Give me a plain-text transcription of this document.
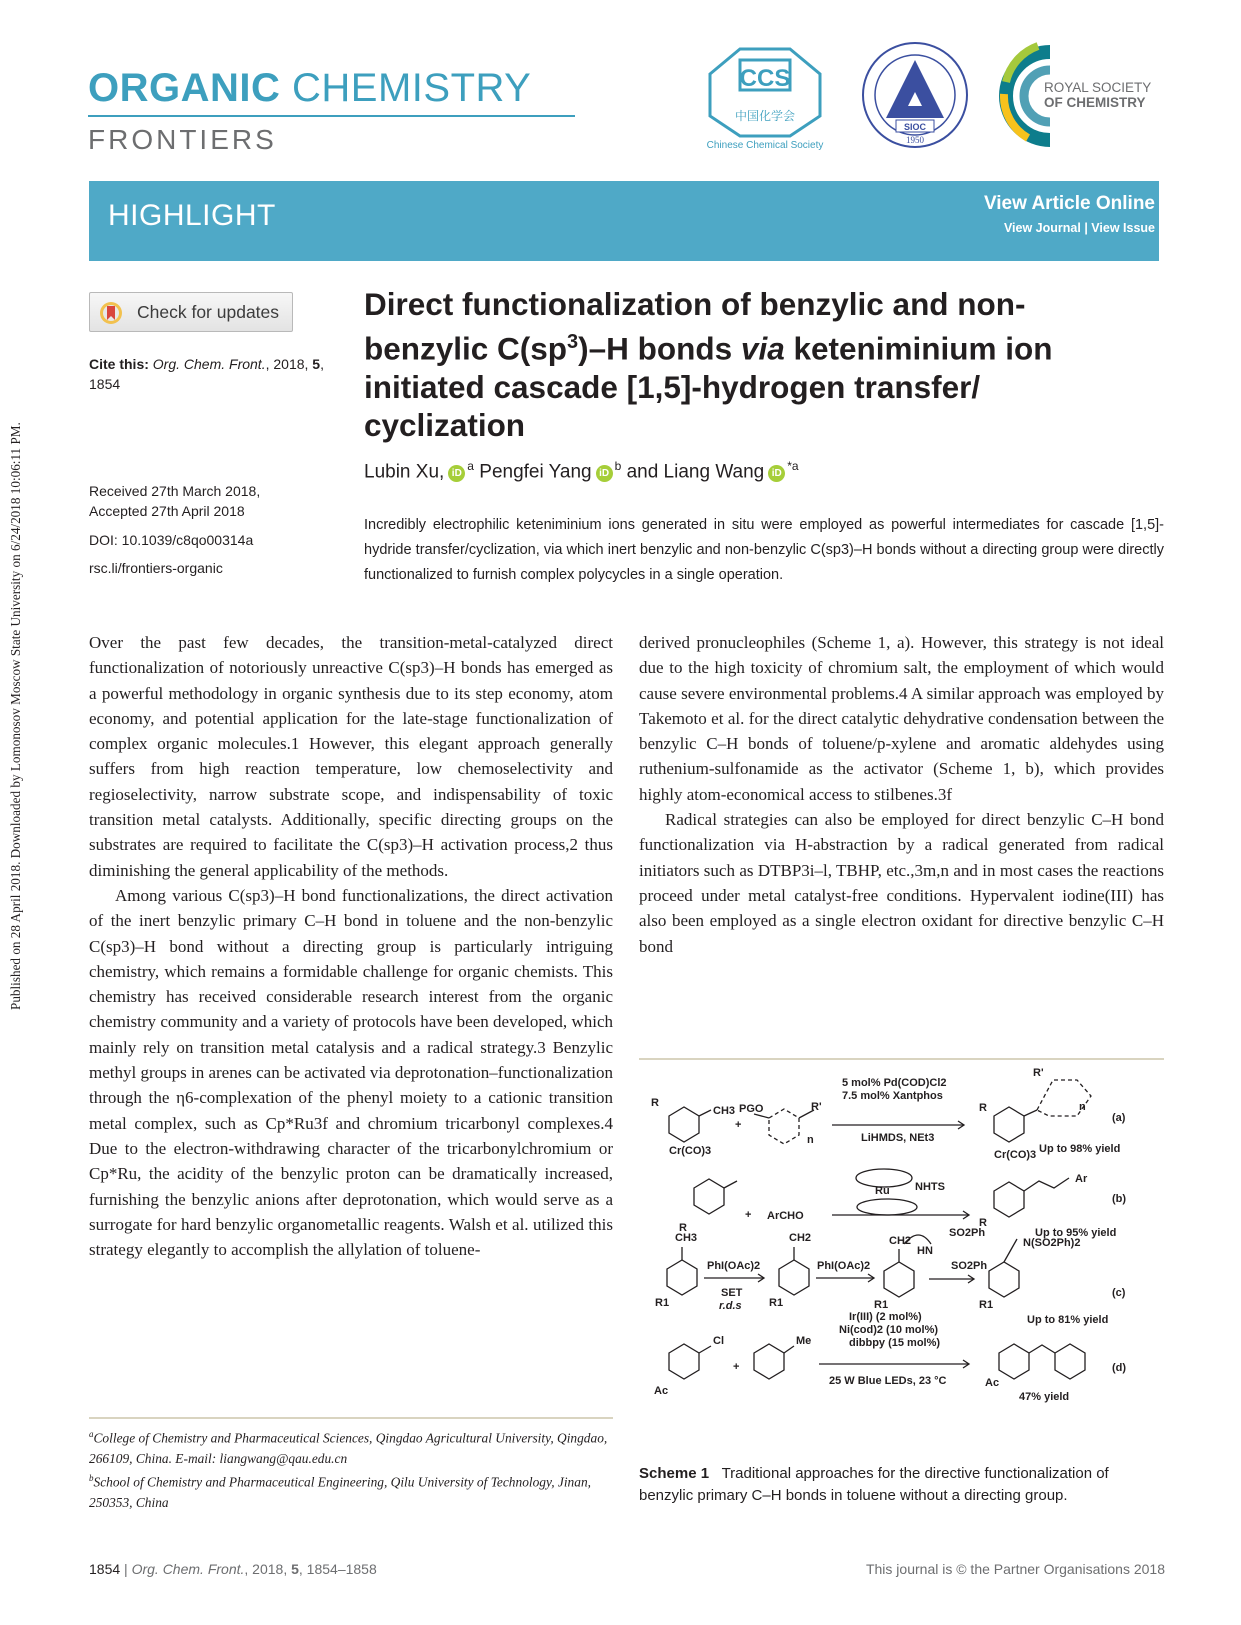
Published on 28 April 2018. Downloaded by Lomonosov Moscow State University on 6/24/2018 10:06:11 PM.
ORGANIC CHEMISTRY
FRONTIERS
CCS
中国化学会
Chinese Chemical Society
SIOC
1950
ROYAL SOCIETY
OF CHEMISTRY
HIGHLIGHT	View Article Online
View Journal | View Issue
Check for updates
Cite this: Org. Chem. Front., 2018, 5,
1854
Received 27th March 2018,
Accepted 27th April 2018
DOI: 10.1039/c8qo00314a
rsc.li/frontiers-organic
Direct functionalization of benzylic and non-
benzylic $C(sp^3)-H$ bonds via keteniminium ion
initiated cascade [1,5]-hydrogen transfer/
cyclization
Lubin Xu, $iD^a$ Pengfei Yang $iD^b$ and Liang Wang $iD^{*a}$
Incredibly electrophilic keteniminium ions generated in situ were employed as powerful intermediates for cascade [1,5]-hydride transfer/cyclization, via which inert benzylic and non-benzylic C(sp3)–H bonds without a directing group were directly functionalized to furnish complex polycycles in a single operation.

Over the past few decades, the transition-metal-catalyzed direct functionalization of notoriously unreactive C(sp3)–H bonds has emerged as a powerful methodology in organic synthesis due to its step economy, atom economy, and potential application for the late-stage functionalization of complex organic molecules.1 However, this elegant approach generally suffers from high reaction temperature, low chemoselectivity and regioselectivity, narrow substrate scope, and indispensability of toxic transition metal catalysts. Additionally, specific directing groups on the substrates are required to facilitate the C(sp3)–H activation process,2 thus diminishing the general applicability of the methods.

Among various C(sp3)–H bond functionalizations, the direct activation of the inert benzylic primary C–H bond in toluene and the non-benzylic C(sp3)–H bond without a directing group is particularly intriguing chemistry, which remains a formidable challenge for organic chemists. This chemistry has received considerable research interest from the organic chemistry community and a variety of protocols have been developed, which mainly rely on transition metal catalysis and a radical strategy.3 Benzylic methyl groups in arenes can be activated via deprotonation–functionalization through the η6-complexation of the phenyl moiety to a cationic transition metal complex, such as Cp*Ru3f and chromium tricarbonyl complexes.4 Due to the electron-withdrawing character of the tricarbonylchromium or Cp*Ru, the acidity of the benzylic proton can be dramatically increased, furnishing the benzylic anions after deprotonation, which would serve as a surrogate for hard benzylic organometallic reagents. Walsh et al. utilized this strategy elegantly to accomplish the allylation of toluene-

derived pronucleophiles (Scheme 1, a). However, this strategy is not ideal due to the high toxicity of chromium salt, the employment of which would cause severe environmental problems.4 A similar approach was employed by Takemoto et al. for the direct catalytic dehydrative condensation between the benzylic C–H bonds of toluene/p-xylene and aromatic aldehydes using ruthenium-sulfonamide as the activator (Scheme 1, b), which provides highly atom-economical access to stilbenes.3f

Radical strategies can also be employed for direct benzylic C–H bond functionalization via H-abstraction by a radical generated from radical initiators such as DTBP3i–l, TBHP, etc.,3m,n and in most cases the reactions proceed under metal catalyst-free conditions. Hypervalent iodine(III) has also been employed as a single electron oxidant for directive benzylic C–H bond

R
CH3
Cr(CO)3
+
PGO	R'
n
5 mol% Pd(COD)Cl2
7.5 mol% Xantphos
LiHMDS, NEt3
R
Cr(CO)3
R'
n
Up to 98% yield
(a)
Ru NHTS
R
+ ArCHO
Ar
R
Up to 95% yield
(b)
CH3
R1
PhI(OAc)2
SET
r.d.s
CH2
R1
PhI(OAc)2
CH2
HN
SO2Ph
SO2Ph
R1
N(SO2Ph)2
R1
Up to 81% yield
(c)
Cl
Ac
+
Me
Ir(III) (2 mol%)
Ni(cod)2 (10 mol%)
dibbpy (15 mol%)
25 W Blue LEDs, 23 °C	Ac
47% yield
(d)
Scheme 1 Traditional approaches for the directive functionalization of benzylic primary C–H bonds in toluene without a directing group.
$^a$College of Chemistry and Pharmaceutical Sciences, Qingdao Agricultural University, Qingdao, 266109, China. E-mail: liangwang@qau.edu.cn
$^b$School of Chemistry and Pharmaceutical Engineering, Qilu University of Technology, Jinan, 250353, China
1854 | Org. Chem. Front., 2018, 5, 1854–1858	This journal is © the Partner Organisations 2018
